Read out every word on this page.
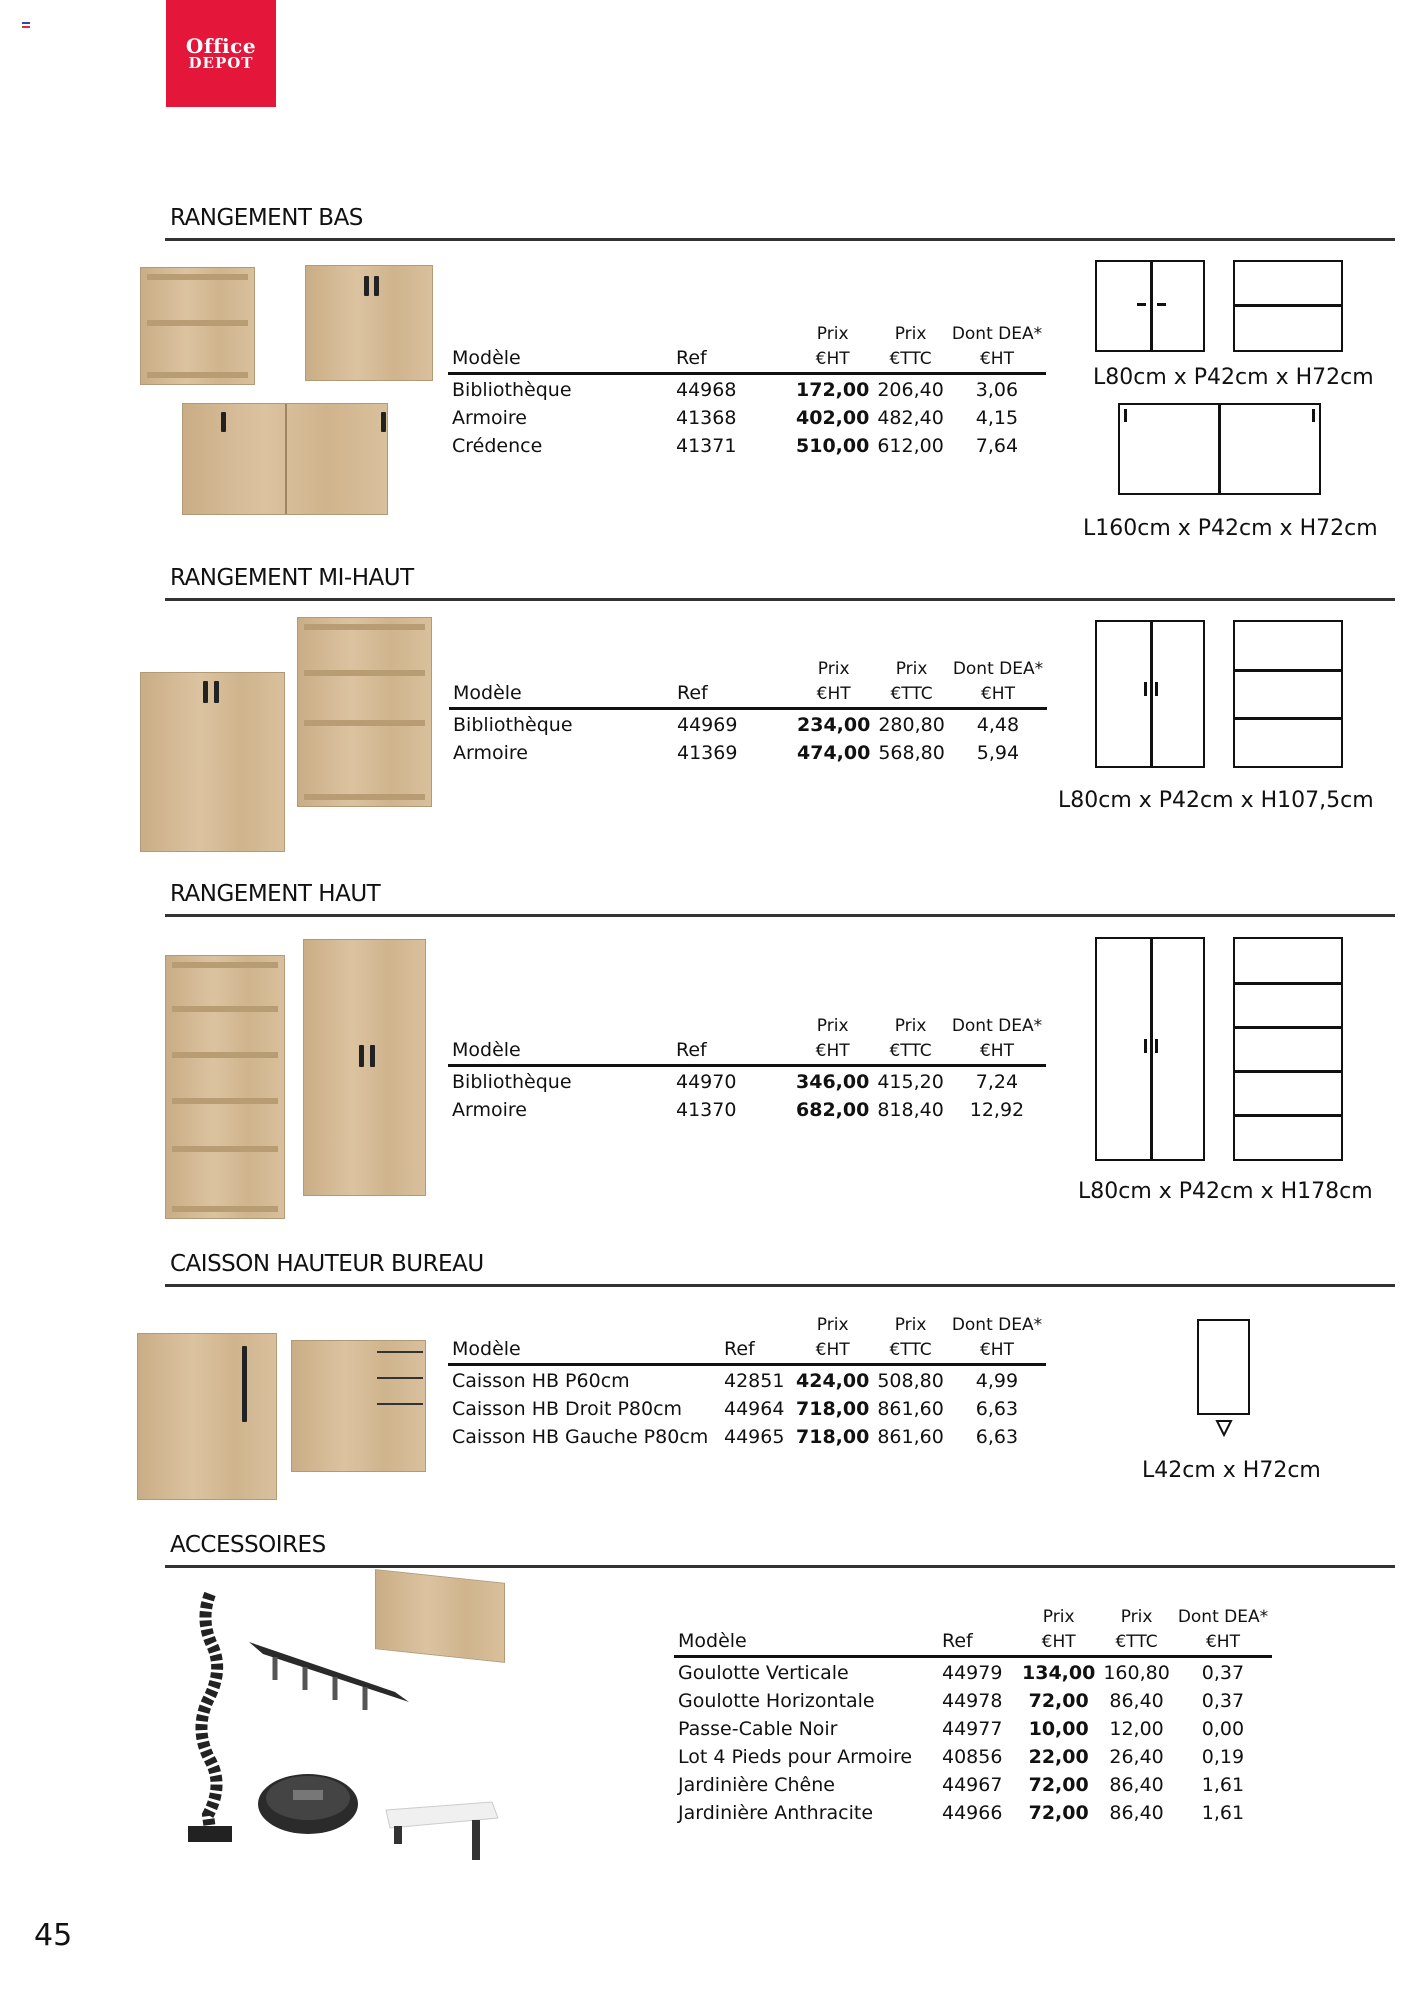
Office
DEPOT
RANGEMENT BAS
		Prix	Prix	Dont DEA*
Modèle	Ref	€HT	€TTC	€HT
Bibliothèque	44968	172,00	206,40	3,06
Armoire	41368	402,00	482,40	4,15
Crédence	41371	510,00	612,00	7,64
L80cm x P42cm x H72cm
L160cm x P42cm x H72cm
RANGEMENT MI-HAUT
		Prix	Prix	Dont DEA*
Modèle	Ref	€HT	€TTC	€HT
Bibliothèque	44969	234,00	280,80	4,48
Armoire	41369	474,00	568,80	5,94
L80cm x P42cm x H107,5cm
RANGEMENT HAUT
		Prix	Prix	Dont DEA*
Modèle	Ref	€HT	€TTC	€HT
Bibliothèque	44970	346,00	415,20	7,24
Armoire	41370	682,00	818,40	12,92
L80cm x P42cm x H178cm
CAISSON HAUTEUR BUREAU
		Prix	Prix	Dont DEA*
Modèle	Ref	€HT	€TTC	€HT
Caisson HB P60cm	42851	424,00	508,80	4,99
Caisson HB Droit P80cm	44964	718,00	861,60	6,63
Caisson HB Gauche P80cm	44965	718,00	861,60	6,63
L42cm x H72cm
ACCESSOIRES
		Prix	Prix	Dont DEA*
Modèle	Ref	€HT	€TTC	€HT
Goulotte Verticale	44979	134,00	160,80	0,37
Goulotte Horizontale	44978	72,00	86,40	0,37
Passe-Cable Noir	44977	10,00	12,00	0,00
Lot 4 Pieds pour Armoire	40856	22,00	26,40	0,19
Jardinière Chêne	44967	72,00	86,40	1,61
Jardinière Anthracite	44966	72,00	86,40	1,61
45
